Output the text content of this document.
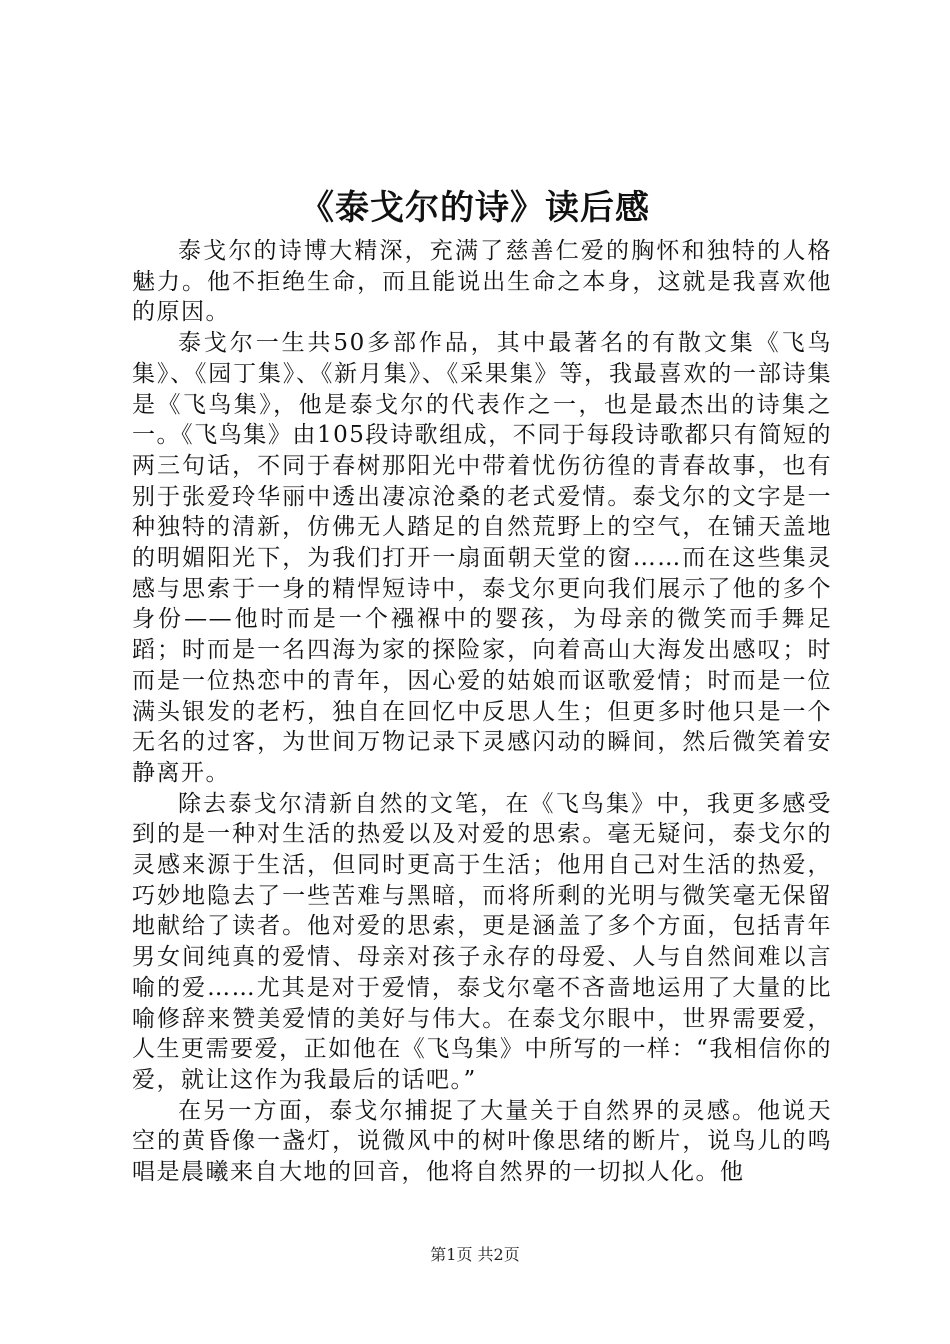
《泰戈尔的诗》读后感

泰戈尔的诗博大精深，充满了慈善仁爱的胸怀和独特的人格魅力。他不拒绝生命，而且能说出生命之本身，这就是我喜欢他的原因。

泰戈尔一生共50多部作品，其中最著名的有散文集《飞鸟集》、《园丁集》、《新月集》、《采果集》等，我最喜欢的一部诗集是《飞鸟集》，他是泰戈尔的代表作之一，也是最杰出的诗集之一。《飞鸟集》由105段诗歌组成，不同于每段诗歌都只有简短的两三句话，不同于春树那阳光中带着忧伤彷徨的青春故事，也有别于张爱玲华丽中透出凄凉沧桑的老式爱情。泰戈尔的文字是一种独特的清新，仿佛无人踏足的自然荒野上的空气，在铺天盖地的明媚阳光下，为我们打开一扇面朝天堂的窗……而在这些集灵感与思索于一身的精悍短诗中，泰戈尔更向我们展示了他的多个身份——他时而是一个襁褓中的婴孩，为母亲的微笑而手舞足蹈；时而是一名四海为家的探险家，向着高山大海发出感叹；时而是一位热恋中的青年，因心爱的姑娘而讴歌爱情；时而是一位满头银发的老朽，独自在回忆中反思人生；但更多时他只是一个无名的过客，为世间万物记录下灵感闪动的瞬间，然后微笑着安静离开。

除去泰戈尔清新自然的文笔，在《飞鸟集》中，我更多感受到的是一种对生活的热爱以及对爱的思索。毫无疑问，泰戈尔的灵感来源于生活，但同时更高于生活；他用自己对生活的热爱，巧妙地隐去了一些苦难与黑暗，而将所剩的光明与微笑毫无保留地献给了读者。他对爱的思索，更是涵盖了多个方面，包括青年男女间纯真的爱情、母亲对孩子永存的母爱、人与自然间难以言喻的爱……尤其是对于爱情，泰戈尔毫不吝啬地运用了大量的比喻修辞来赞美爱情的美好与伟大。在泰戈尔眼中，世界需要爱，人生更需要爱，正如他在《飞鸟集》中所写的一样：“我相信你的爱，就让这作为我最后的话吧。”

在另一方面，泰戈尔捕捉了大量关于自然界的灵感。他说天空的黄昏像一盏灯，说微风中的树叶像思绪的断片，说鸟儿的鸣唱是晨曦来自大地的回音，他将自然界的一切拟人化。他

第1页 共2页
